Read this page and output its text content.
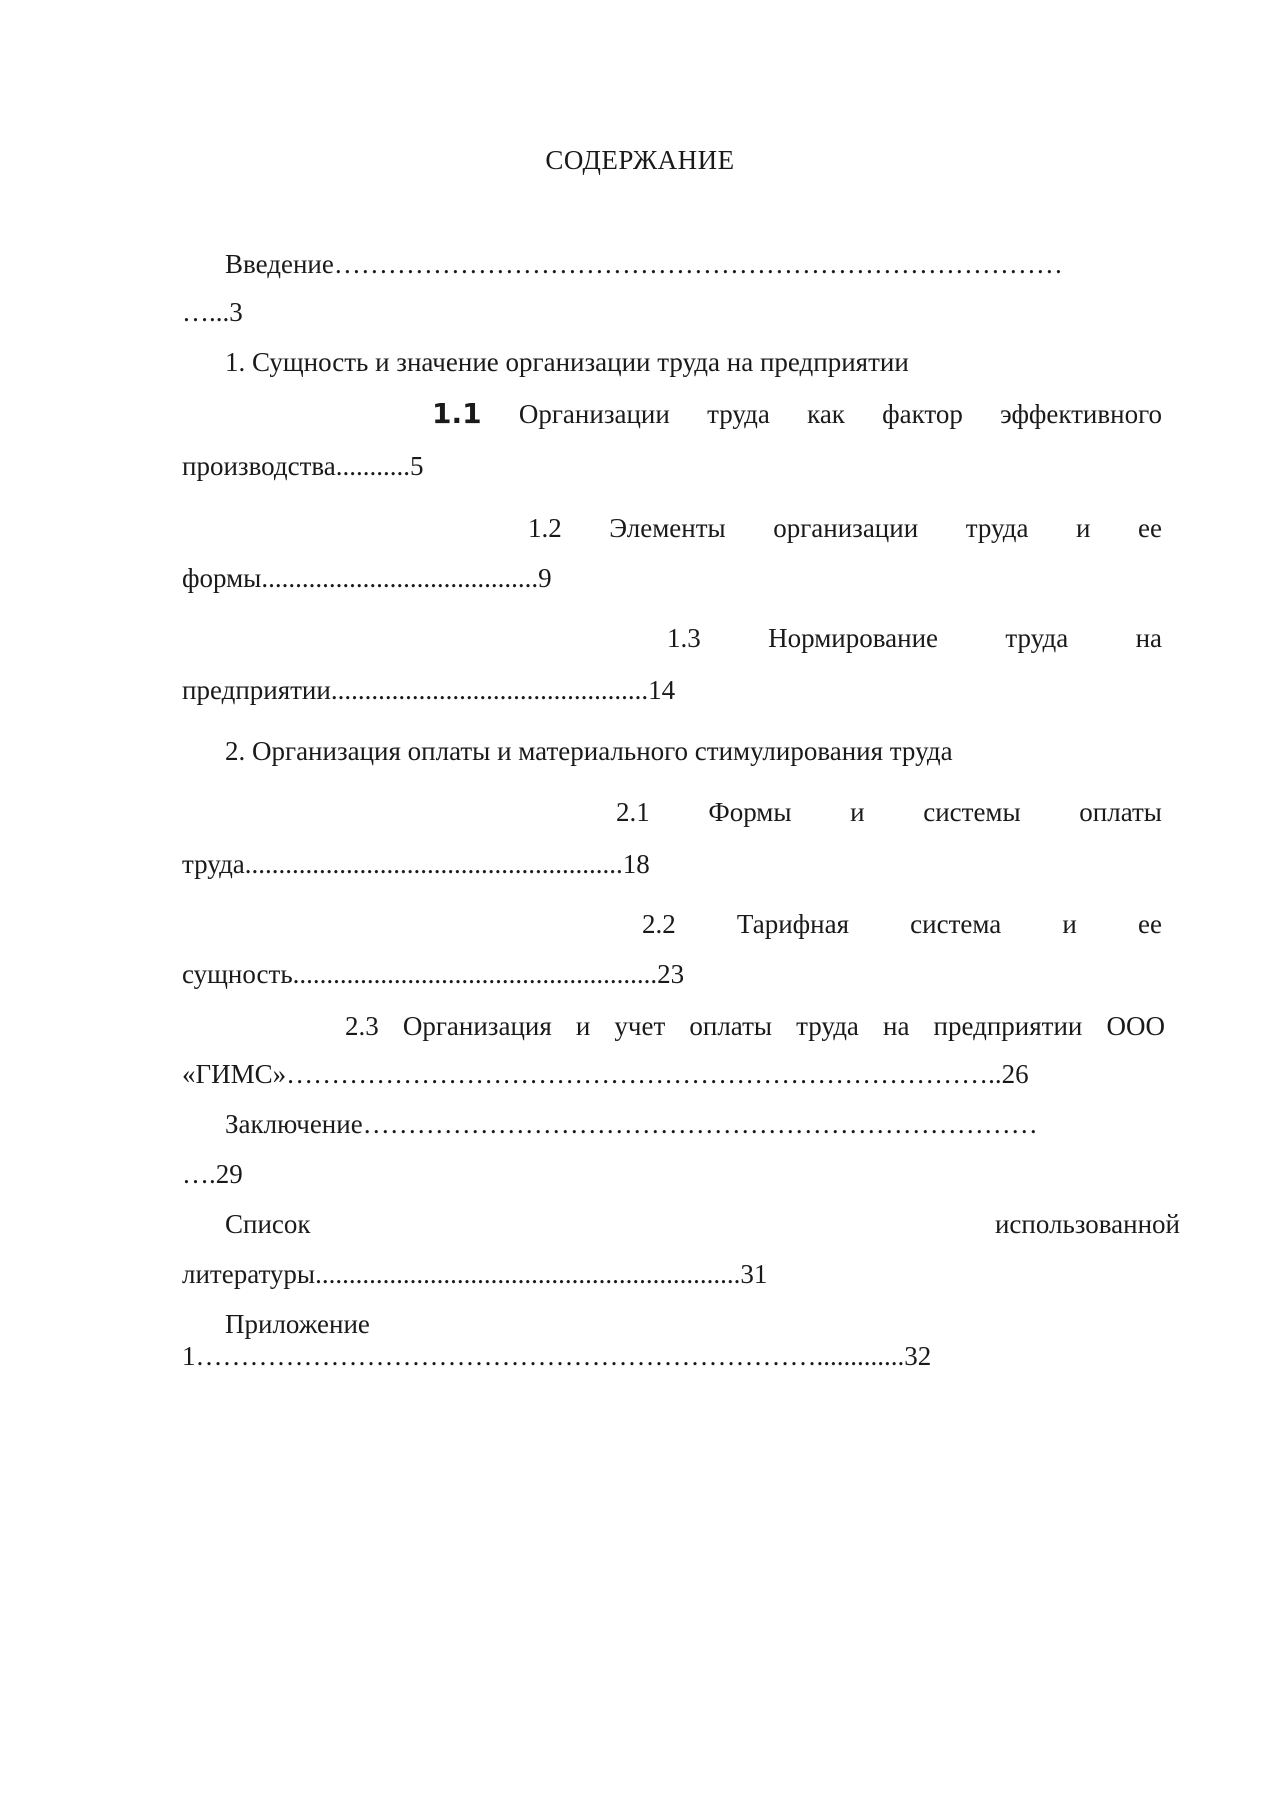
СОДЕРЖАНИЕ
Введение………………………………………………………………………
…...3
1. Сущность и значение организации труда на предприятии
1.1 Организации труда как фактор эффективного
производства...........5
1.2 Элементы организации труда и ее
формы.........................................9
1.3 Нормирование труда на
предприятии...............................................14
2. Организация оплаты и материального стимулирования труда
2.1 Формы и системы оплаты
труда........................................................18
2.2 Тарифная система и ее
сущность......................................................23
2.3 Организация и учет оплаты труда на предприятии ООО
«ГИМС»……………………………………………………………………..26
Заключение…………………………………………………………………
….29
Список	использованной
литературы...............................................................31
Приложение
1…………………………………………………………….............32
